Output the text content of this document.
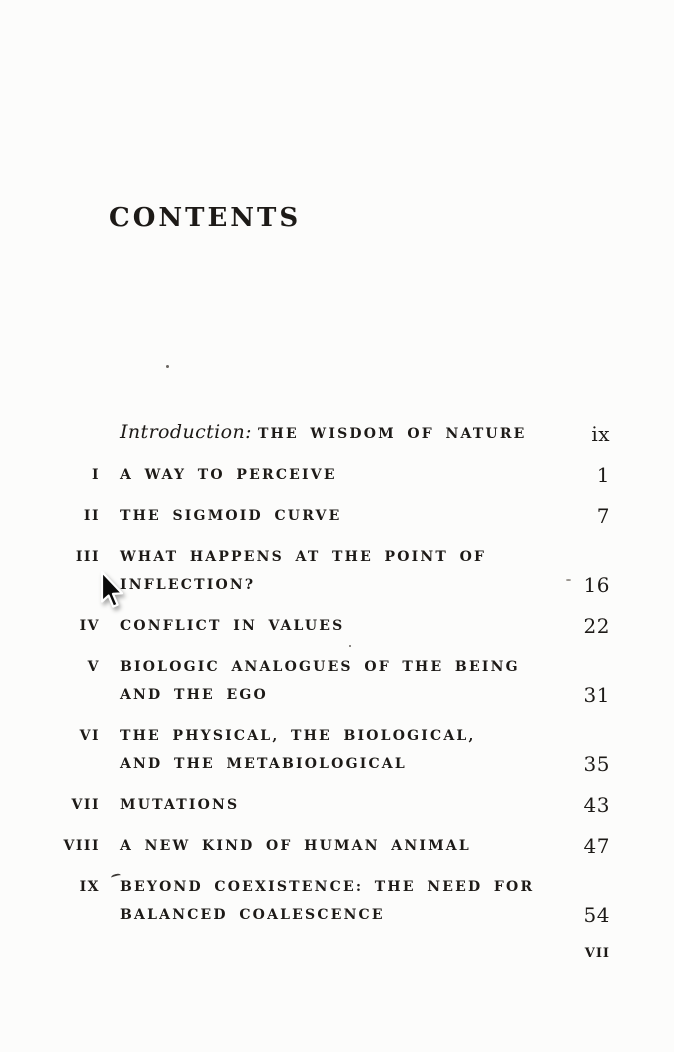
CONTENTS
Introduction: THE WISDOM OF NATURE	ix
I A WAY TO PERCEIVE	1
II THE SIGMOID CURVE	7
III WHAT HAPPENS AT THE POINT OF
INFLECTION?	16
IV CONFLICT IN VALUES	22
V BIOLOGIC ANALOGUES OF THE BEING
AND THE EGO	31
VI THE PHYSICAL, THE BIOLOGICAL,
AND THE METABIOLOGICAL	35
VII MUTATIONS	43
VIII A NEW KIND OF HUMAN ANIMAL	47
IX BEYOND COEXISTENCE: THE NEED FOR
BALANCED COALESCENCE	54
VII
